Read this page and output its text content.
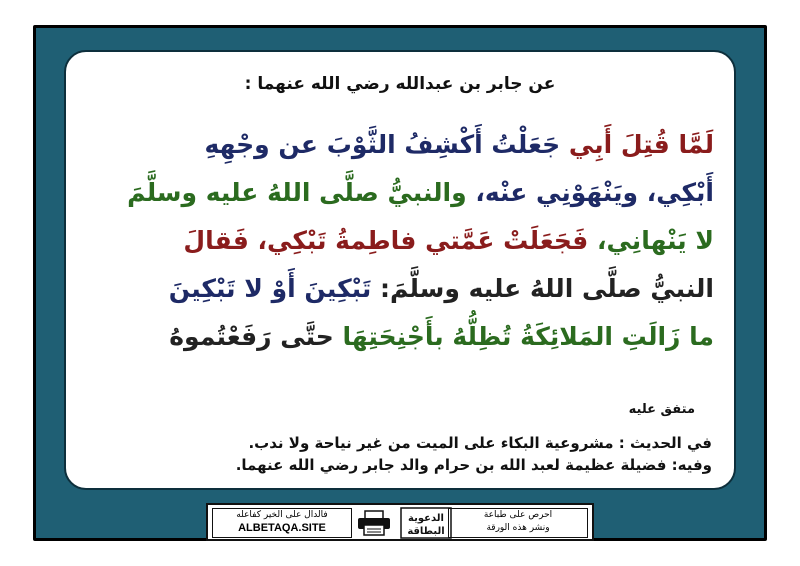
عن جابر بن عبدالله رضي الله عنهما :
لَمَّا قُتِلَ أَبِي جَعَلْتُ أَكْشِفُ الثَّوْبَ عن وجْهِهِ
أَبْكِي، ويَنْهَوْنِي عنْه، والنبيُّ صلَّى اللهُ عليه وسلَّمَ
لا يَنْهانِي، فَجَعَلَتْ عَمَّتي فاطِمةُ تَبْكِي، فَقالَ
النبيُّ صلَّى اللهُ عليه وسلَّمَ: تَبْكِينَ أَوْ لا تَبْكِينَ
ما زَالَتِ المَلائِكَةُ تُظِلُّهُ بأَجْنِحَتِهَا حتَّى رَفَعْتُموهُ
متفق عليه
في الحديث : مشروعية البكاء على الميت من غير نياحة ولا ندب.
وفيه: فضيلة عظيمة لعبد الله بن حرام والد جابر رضي الله عنهما.
فالدال على الخير كفاعله
ALBETAQA.SITE
الدعوية
البطاقة
احرص على طباعة
ونشر هذه الورقة
